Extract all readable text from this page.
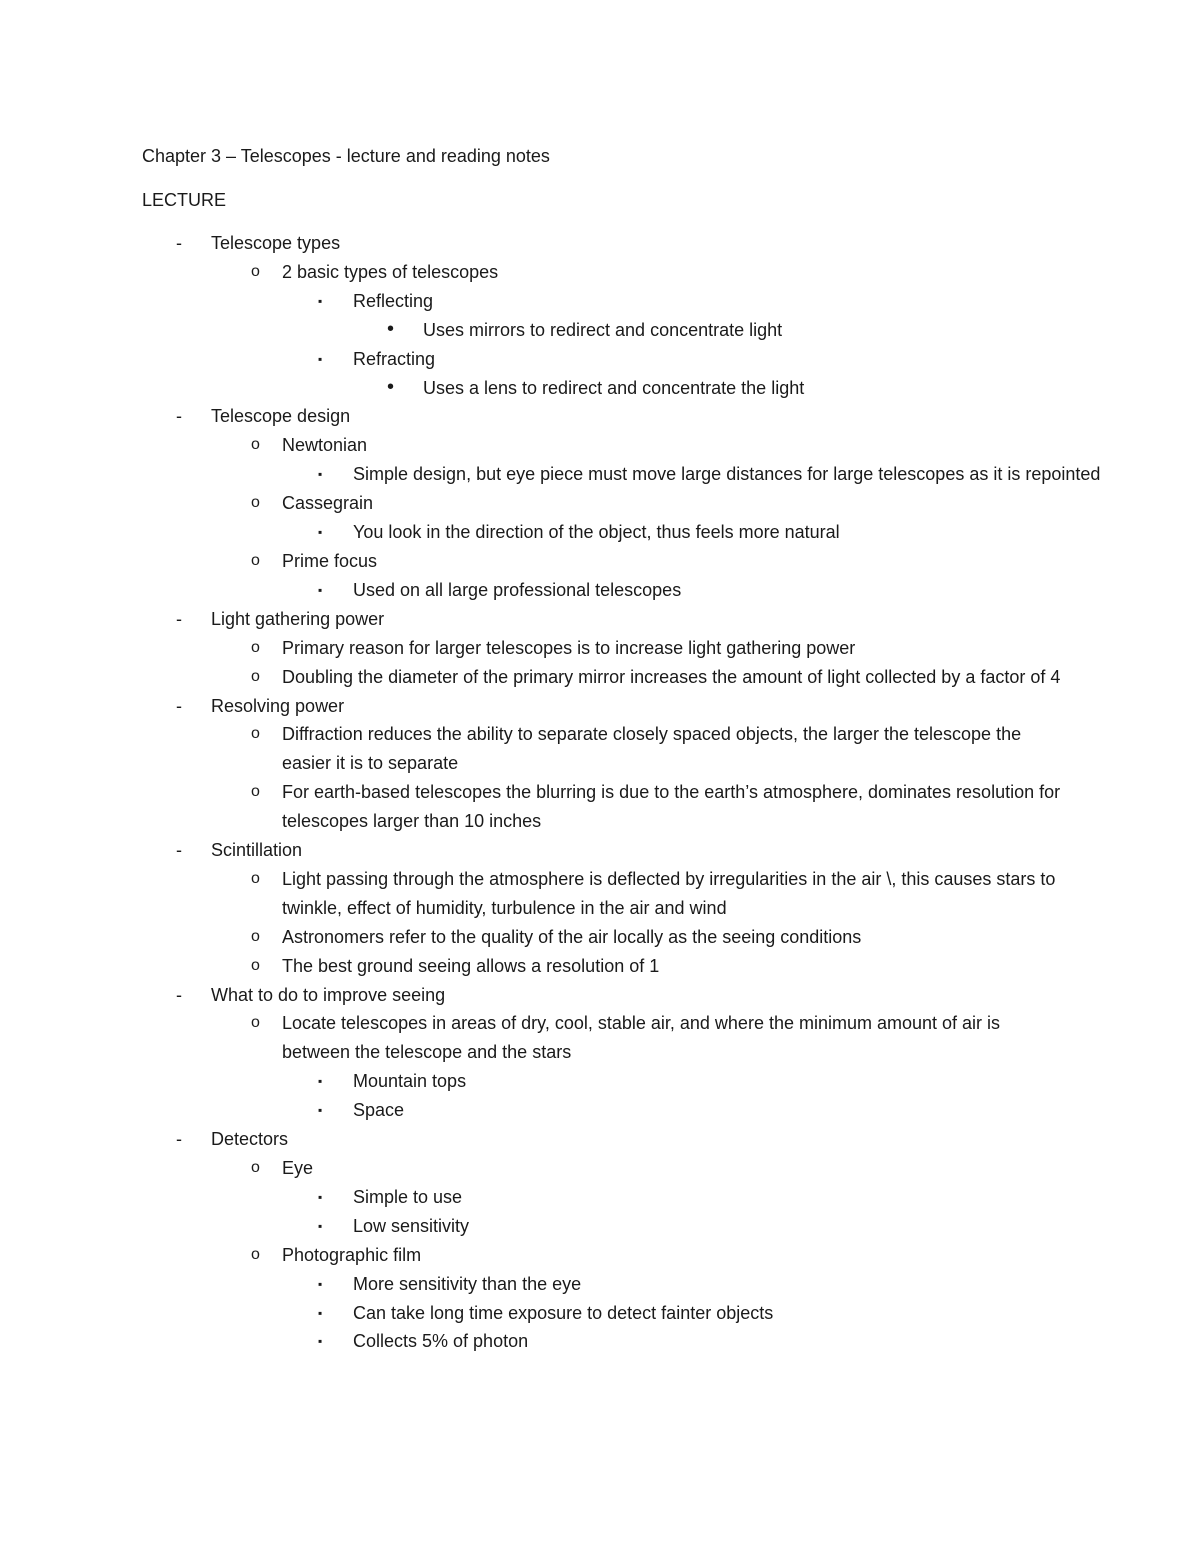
Chapter 3 – Telescopes - lecture and reading notes
LECTURE
-	Telescope types
o	2 basic types of telescopes
▪	Reflecting
•	Uses mirrors to redirect and concentrate light
▪	Refracting
•	Uses a lens to redirect and concentrate the light
-	Telescope design
o	Newtonian
▪	Simple design, but eye piece must move large distances for large telescopes as it is repointed
o	Cassegrain
▪	You look in the direction of the object, thus feels more natural
o	Prime focus
▪	Used on all large professional telescopes
-	Light gathering power
o	Primary reason for larger telescopes is to increase light gathering power
o	Doubling the diameter of the primary mirror increases the amount of light collected by a factor of 4
-	Resolving power
o	Diffraction reduces the ability to separate closely spaced objects, the larger the telescope the easier it is to separate
o	For earth-based telescopes the blurring is due to the earth’s atmosphere, dominates resolution for telescopes larger than 10 inches
-	Scintillation
o	Light passing through the atmosphere is deflected by irregularities in the air \, this causes stars to twinkle, effect of humidity, turbulence in the air and wind
o	Astronomers refer to the quality of the air locally as the seeing conditions
o	The best ground seeing allows a resolution of 1
-	What to do to improve seeing
o	Locate telescopes in areas of dry, cool, stable air, and where the minimum amount of air is between the telescope and the stars
▪	Mountain tops
▪	Space
-	Detectors
o	Eye
▪	Simple to use
▪	Low sensitivity
o	Photographic film
▪	More sensitivity than the eye
▪	Can take long time exposure to detect fainter objects
▪	Collects 5% of photon
